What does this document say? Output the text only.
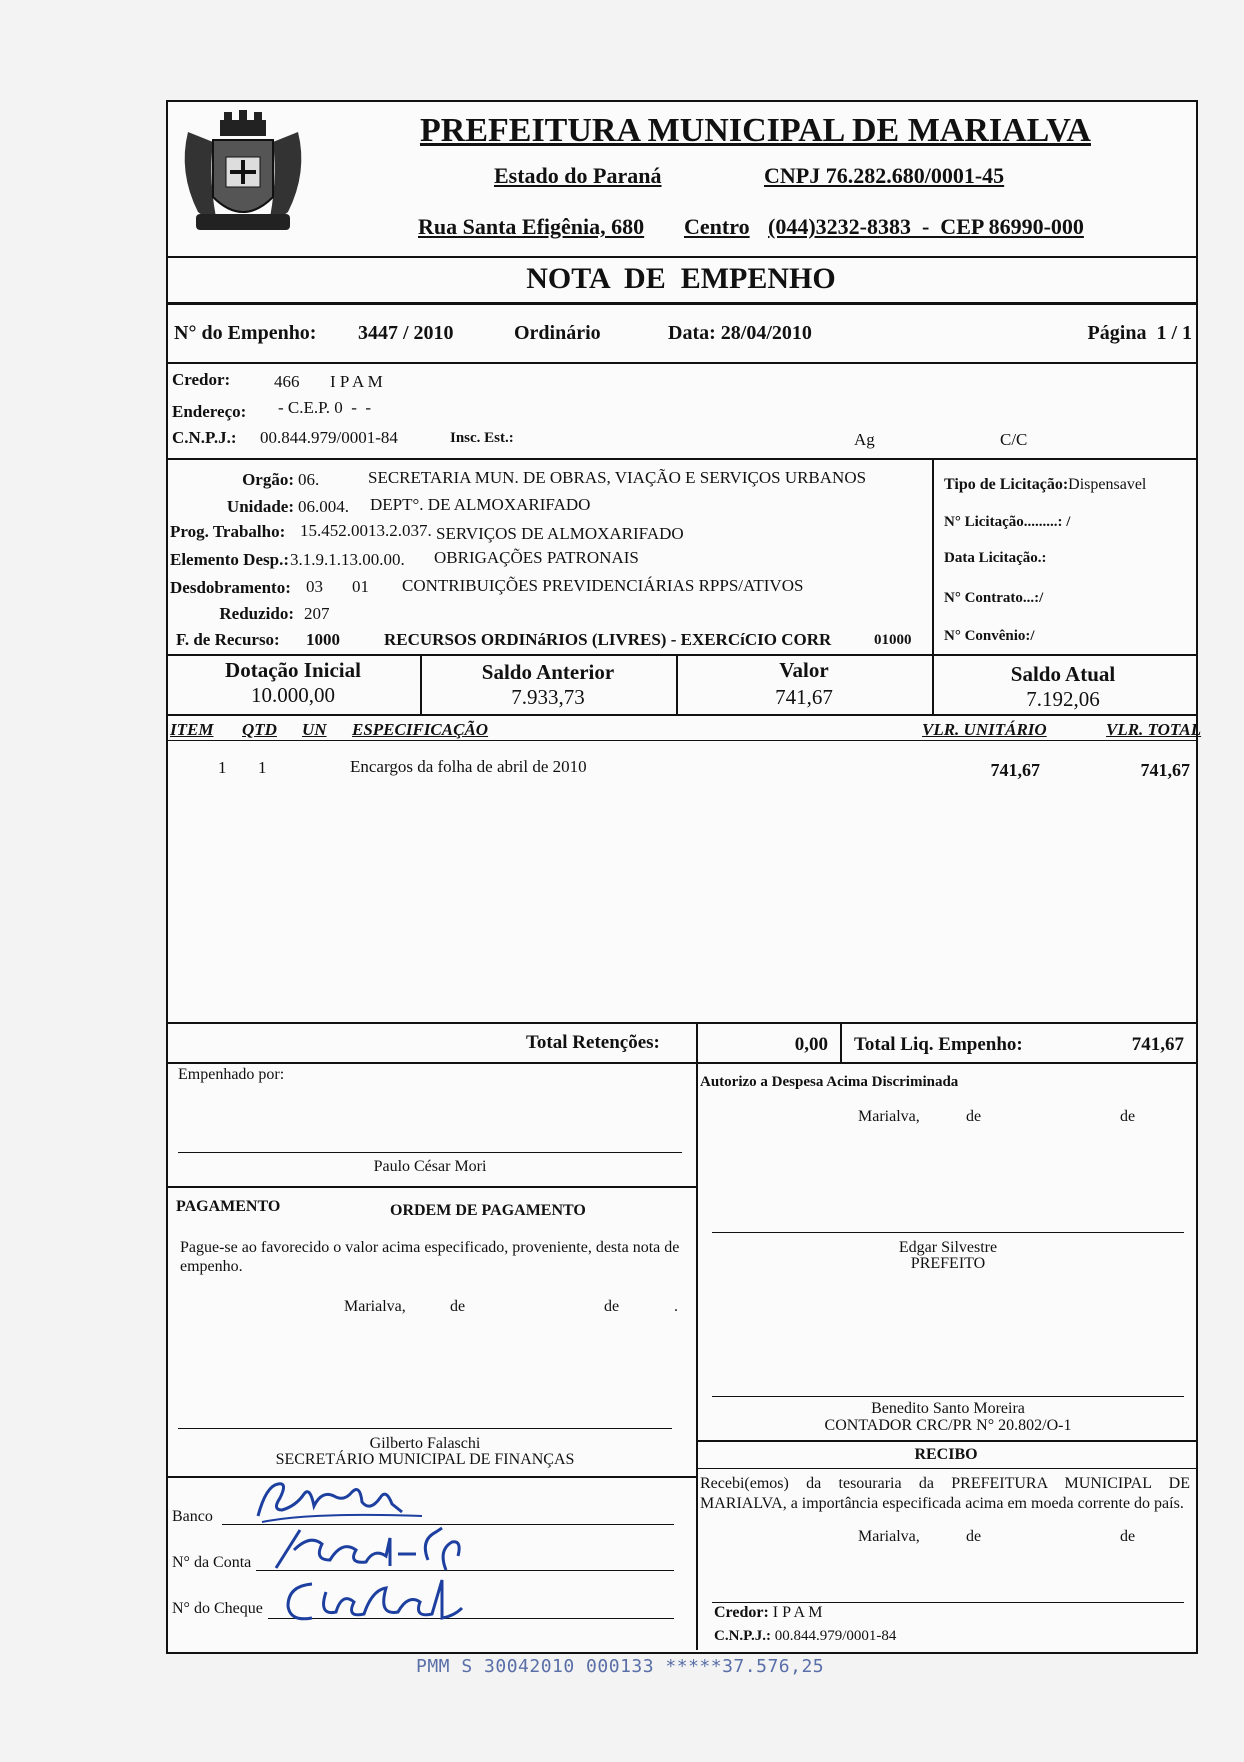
PREFEITURA MUNICIPAL DE MARIALVA
Estado do Paraná	CNPJ 76.282.680/0001-45
Rua Santa Efigênia, 680 Centro (044)3232-8383  -  CEP 86990-000
NOTA  DE  EMPENHO
N° do Empenho: 3447 / 2010	Ordinário	Data: 28/04/2010	Página  1 / 1
Credor:	466 I P A M
Endereço: - C.E.P. 0  -  -
C.N.P.J.: 00.844.979/0001-84	Insc. Est.:	Ag	C/C
Orgão: 06.	SECRETARIA MUN. DE OBRAS, VIAÇÃO E SERVIÇOS URBANOS
Unidade: 06.004. DEPT°. DE ALMOXARIFADO
Prog. Trabalho: 15.452.0013.2.037. SERVIÇOS DE ALMOXARIFADO
Elemento Desp.: 3.1.9.1.13.00.00. OBRIGAÇÕES PATRONAIS
Desdobramento: 03 01 CONTRIBUIÇÕES PREVIDENCIÁRIAS RPPS/ATIVOS
Reduzido: 207
F. de Recurso: 1000	RECURSOS ORDINáRIOS (LIVRES) - EXERCíCIO CORR	01000
Tipo de Licitação:Dispensavel
N° Licitação.........: /
Data Licitação.:
N° Contrato...:/
N° Convênio:/
Dotação Inicial
10.000,00
Saldo Anterior
7.933,73
Valor
741,67
Saldo Atual
7.192,06
ITEM QTD UN ESPECIFICAÇÃO	VLR. UNITÁRIO	VLR. TOTAL
1 1	Encargos da folha de abril de 2010	741,67	741,67
Total Retenções:	0,00 Total Liq. Empenho:	741,67
Empenhado por:
Paulo César Mori
Autorizo a Despesa Acima Discriminada
Marialva,	de	de
Edgar Silvestre
PREFEITO
PAGAMENTO	ORDEM DE PAGAMENTO
Pague-se ao favorecido o valor acima especificado, proveniente, desta nota de empenho.
Marialva,	de	de	.
Gilberto Falaschi
SECRETÁRIO MUNICIPAL DE FINANÇAS
Banco
N° da Conta
N° do Cheque
Benedito Santo Moreira
CONTADOR CRC/PR N° 20.802/O-1
RECIBO
Recebi(emos) da tesouraria da PREFEITURA MUNICIPAL DE MARIALVA, a importância especificada acima em moeda corrente do país.
Marialva,	de	de
Credor: I P A M
C.N.P.J.: 00.844.979/0001-84
PMM S 30042010 000133 *****37.576,25
